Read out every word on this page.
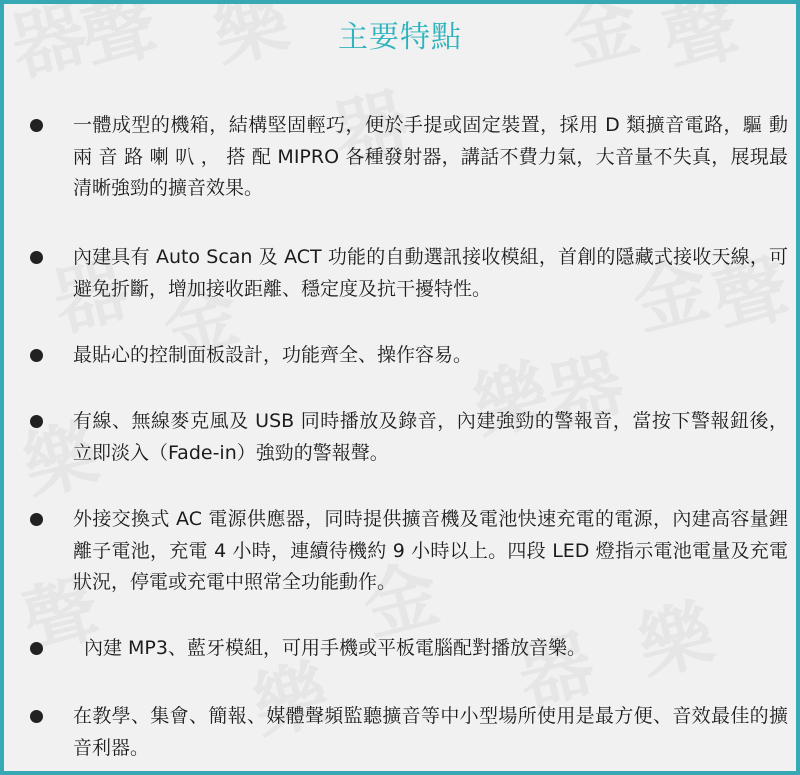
主要特點
一體成型的機箱，結構堅固輕巧，便於手提或固定裝置，採用 D 類擴音電路，驅 動 兩 音 路 喇 叭 ， 搭 配 MIPRO 各種發射器，講話不費力氣，大音量不失真，展現最清晰強勁的擴音效果。
內建具有 Auto Scan 及 ACT 功能的自動選訊接收模組，首創的隱藏式接收天線，可避免折斷，增加接收距離、穩定度及抗干擾特性。
最貼心的控制面板設計，功能齊全、操作容易。
有線、無線麥克風及 USB 同時播放及錄音，內建強勁的警報音，當按下警報鈕後，立即淡入（Fade-in）強勁的警報聲。
外接交換式 AC 電源供應器，同時提供擴音機及電池快速充電的電源，內建高容量鋰離子電池，充電 4 小時，連續待機約 9 小時以上。四段 LED 燈指示電池電量及充電狀況，停電或充電中照常全功能動作。
內建 MP3、藍牙模組，可用手機或平板電腦配對播放音樂。
在教學、集會、簡報、媒體聲頻監聽擴音等中小型場所使用是最方便、音效最佳的擴音利器。
